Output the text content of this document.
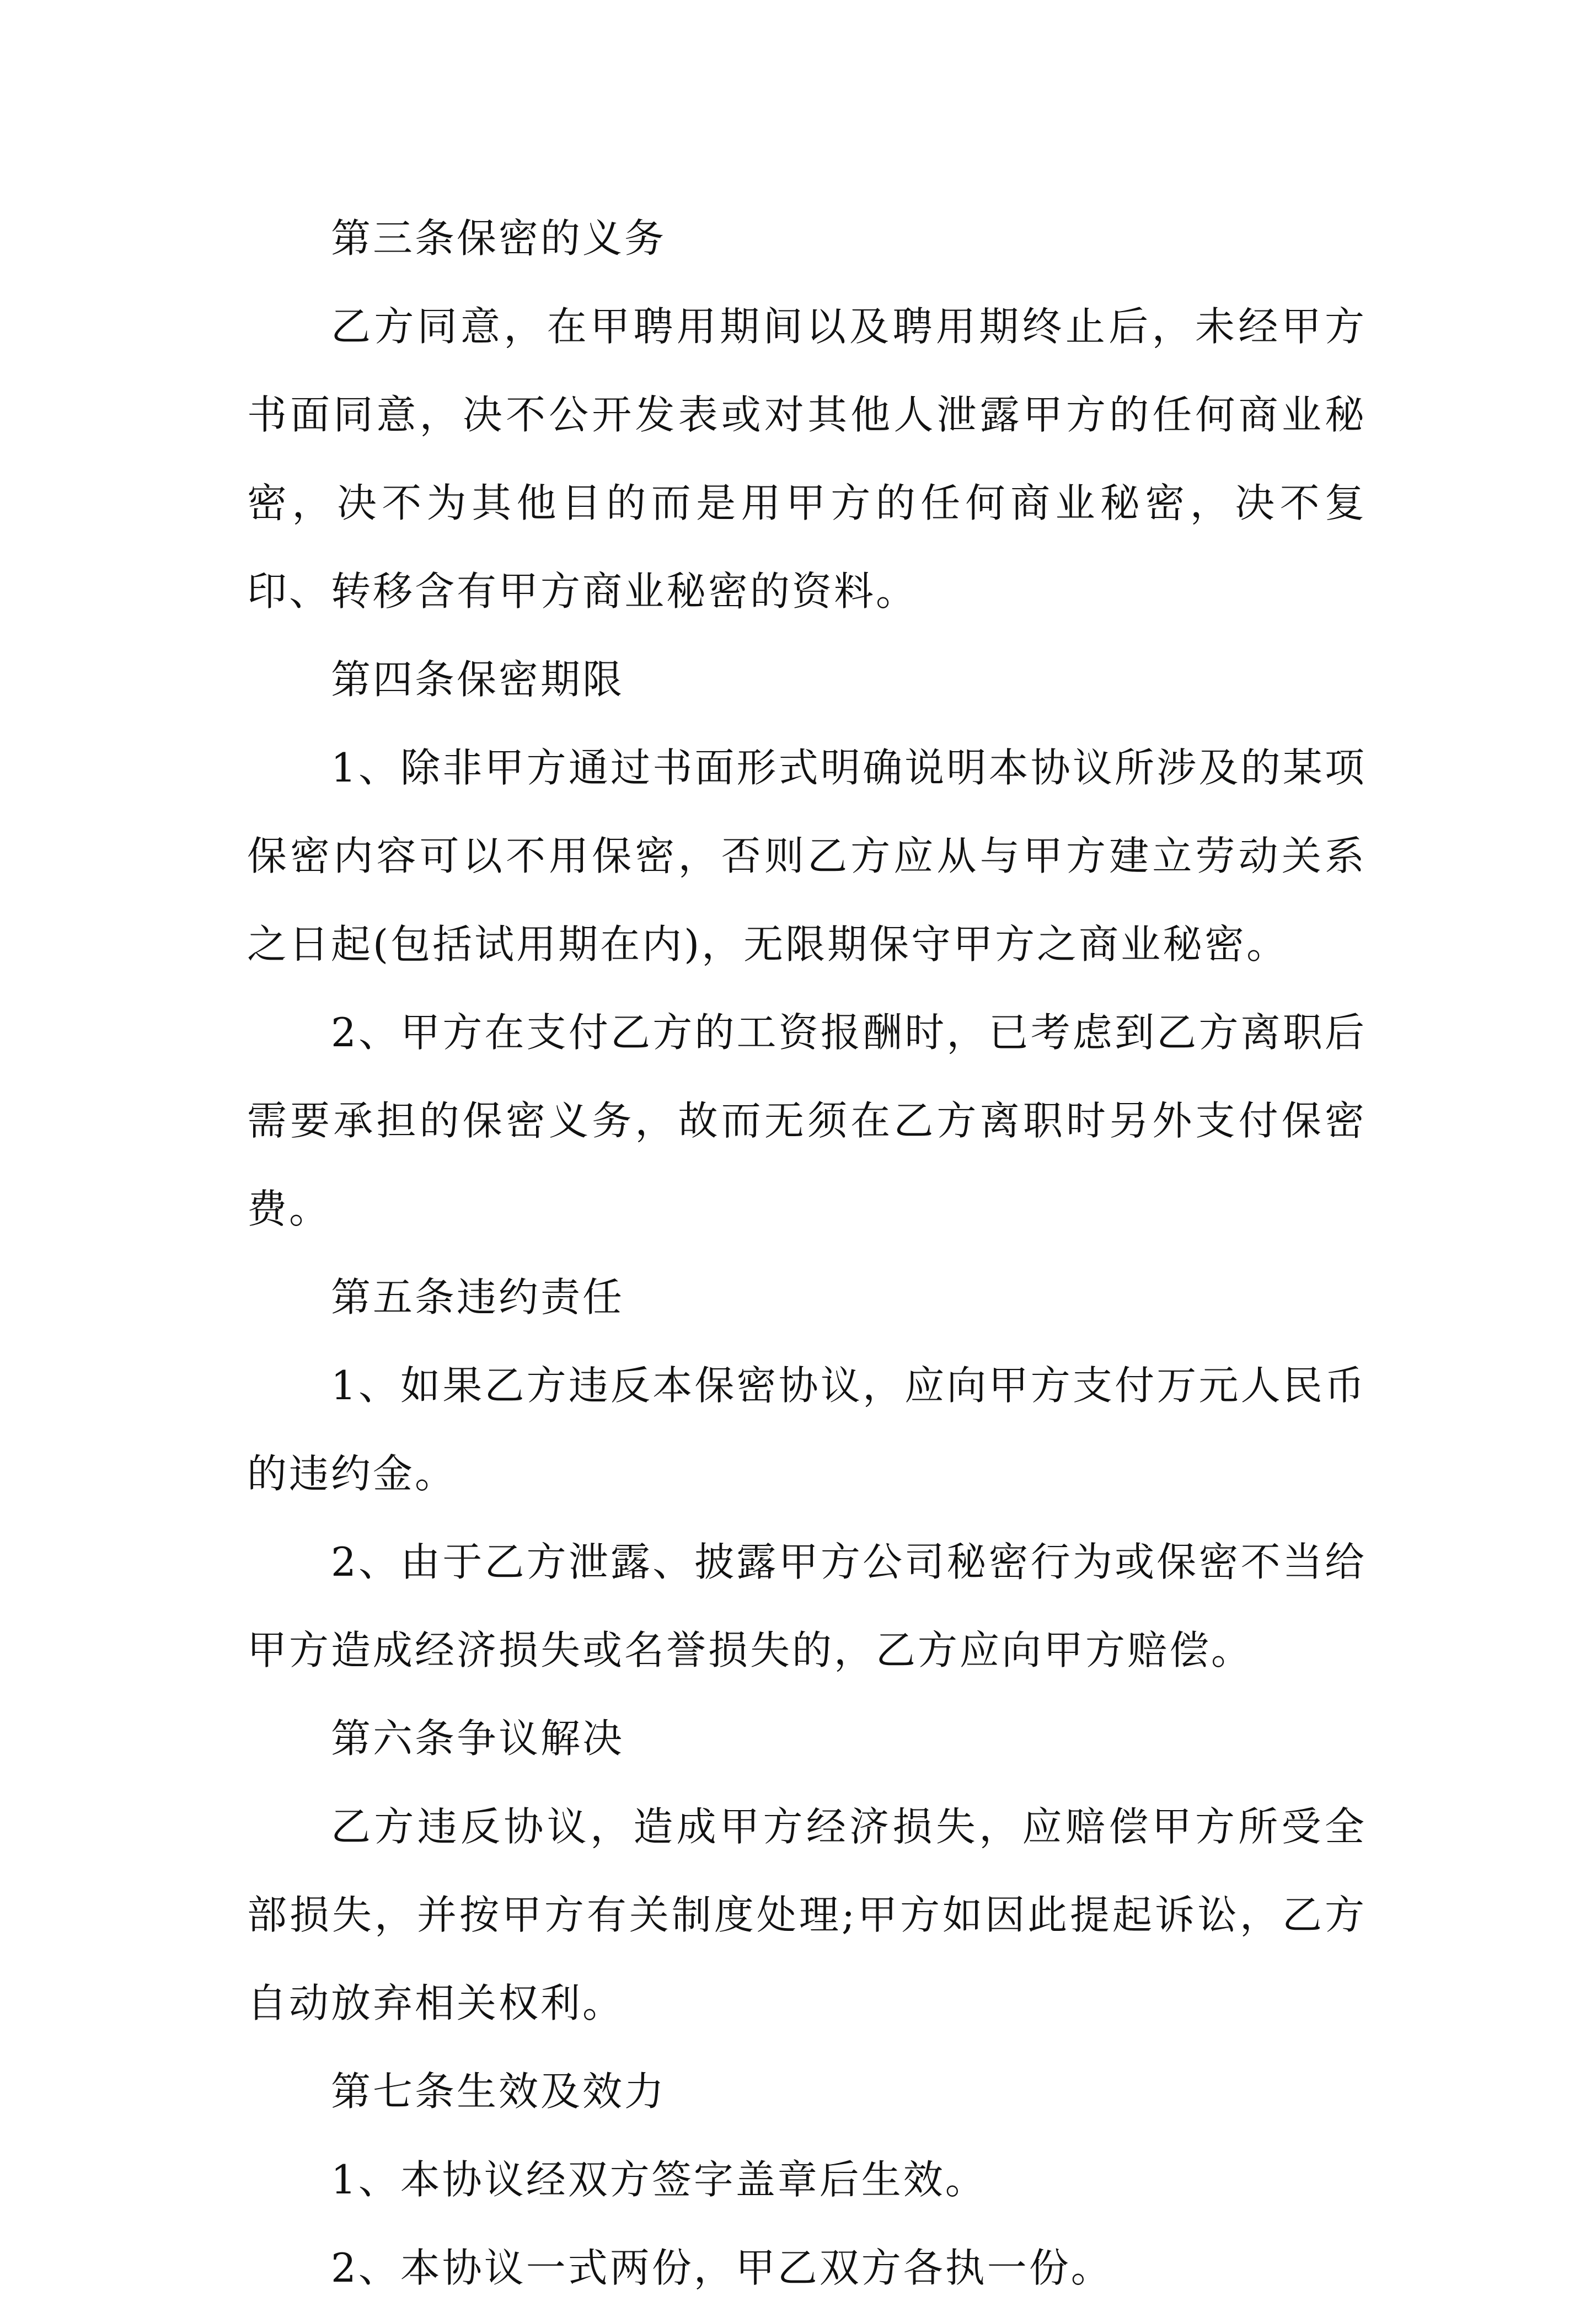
第三条保密的义务

乙方同意，在甲聘用期间以及聘用期终止后，未经甲方书面同意，决不公开发表或对其他人泄露甲方的任何商业秘密，决不为其他目的而是用甲方的任何商业秘密，决不复印、转移含有甲方商业秘密的资料。

第四条保密期限

1、除非甲方通过书面形式明确说明本协议所涉及的某项保密内容可以不用保密，否则乙方应从与甲方建立劳动关系之日起(包括试用期在内)，无限期保守甲方之商业秘密。

2、甲方在支付乙方的工资报酬时，已考虑到乙方离职后需要承担的保密义务，故而无须在乙方离职时另外支付保密费。

第五条违约责任

1、如果乙方违反本保密协议，应向甲方支付万元人民币的违约金。

2、由于乙方泄露、披露甲方公司秘密行为或保密不当给甲方造成经济损失或名誉损失的，乙方应向甲方赔偿。

第六条争议解决

乙方违反协议，造成甲方经济损失，应赔偿甲方所受全部损失，并按甲方有关制度处理;甲方如因此提起诉讼，乙方自动放弃相关权利。

第七条生效及效力

1、本协议经双方签字盖章后生效。

2、本协议一式两份，甲乙双方各执一份。
